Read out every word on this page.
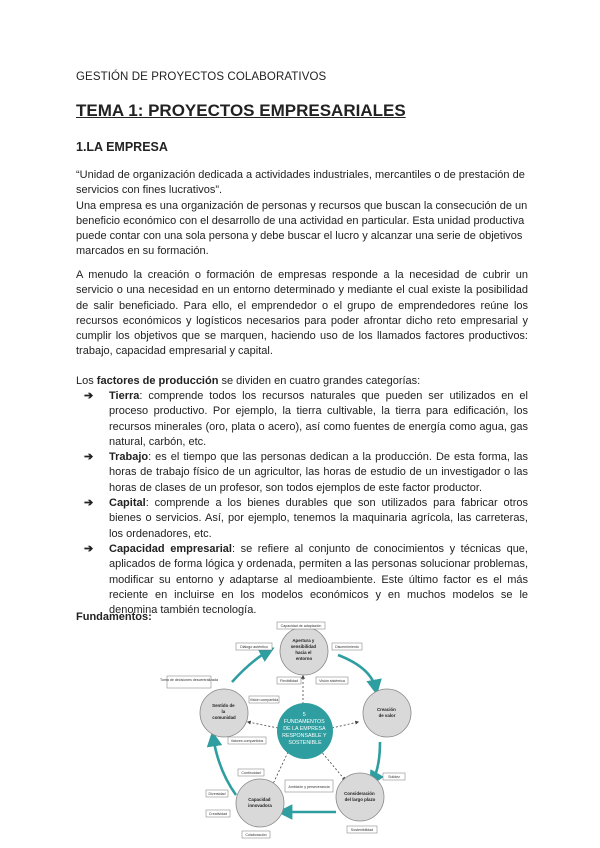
GESTIÓN DE PROYECTOS COLABORATIVOS
TEMA 1: PROYECTOS EMPRESARIALES
1.LA EMPRESA
“Unidad de organización dedicada a actividades industriales, mercantiles o de prestación de servicios con fines lucrativos”.
Una empresa es una organización de personas y recursos que buscan la consecución de un beneficio económico con el desarrollo de una actividad en particular. Esta unidad productiva puede contar con una sola persona y debe buscar el lucro y alcanzar una serie de objetivos marcados en su formación.
A menudo la creación o formación de empresas responde a la necesidad de cubrir un servicio o una necesidad en un entorno determinado y mediante el cual existe la posibilidad de salir beneficiado. Para ello, el emprendedor o el grupo de emprendedores reúne los recursos económicos y logísticos necesarios para poder afrontar dicho reto empresarial y cumplir los objetivos que se marquen, haciendo uso de los llamados factores productivos: trabajo, capacidad empresarial y capital.
Los factores de producción se dividen en cuatro grandes categorías:
➔ Tierra: comprende todos los recursos naturales que pueden ser utilizados en el proceso productivo. Por ejemplo, la tierra cultivable, la tierra para edificación, los recursos minerales (oro, plata o acero), así como fuentes de energía como agua, gas natural, carbón, etc.
➔ Trabajo: es el tiempo que las personas dedican a la producción. De esta forma, las horas de trabajo físico de un agricultor, las horas de estudio de un investigador o las horas de clases de un profesor, son todos ejemplos de este factor productor.
➔ Capital: comprende a los bienes durables que son utilizados para fabricar otros bienes o servicios. Así, por ejemplo, tenemos la maquinaria agrícola, las carreteras, los ordenadores, etc.
➔ Capacidad empresarial: se refiere al conjunto de conocimientos y técnicas que, aplicados de forma lógica y ordenada, permiten a las personas solucionar problemas, modificar su entorno y adaptarse al medioambiente. Este último factor es el más reciente en incluirse en los modelos económicos y en muchos modelos se le denomina también tecnología.
Fundamentos:
5 FUNDAMENTOS DE LA EMPRESA RESPONSABLE Y SOSTENIBLE
Apertura y sensibilidad hacia el entorno
Creación de valor
Consideración del largo plazo
Capacidad innovadora
Sentido de la comunidad
Capacidad de adaptación
Diálogo auténtico	Discernimiento
Flexibilidad	Visión sistémica
Toma de decisiones descentralizada
Visión compartida
Valores compartidos
Continuidad
Diversidad
Creatividad
Colaboración
Ambición y perseverancia
Solidez
Sostenibilidad
